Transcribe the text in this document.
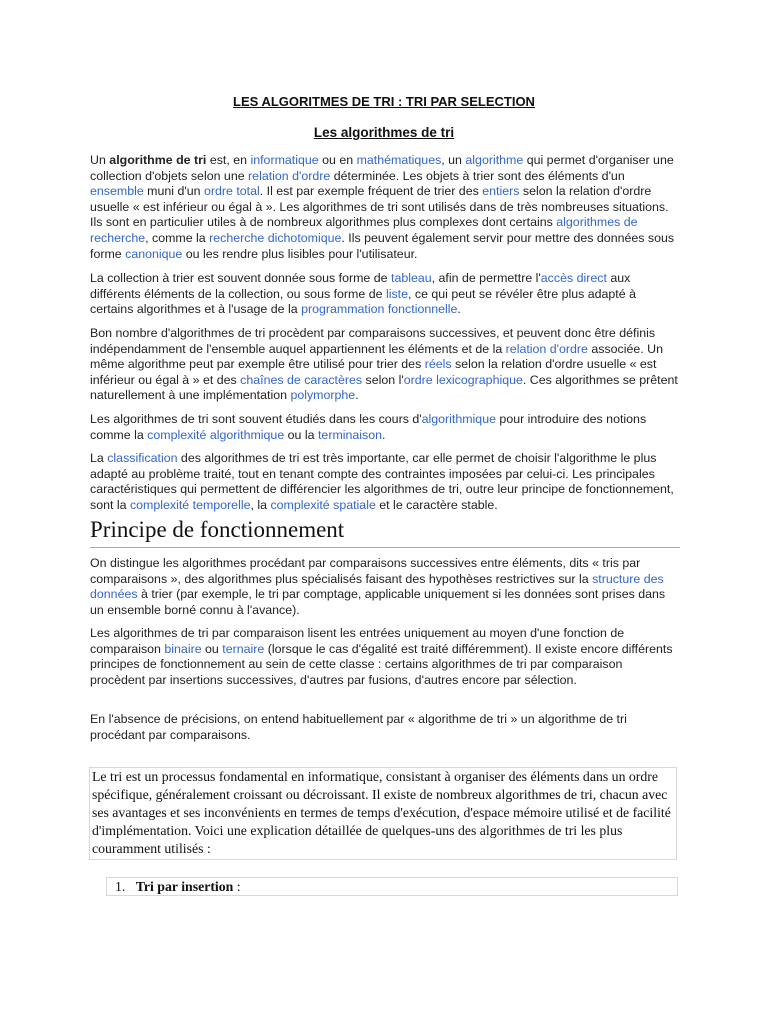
LES ALGORITMES DE TRI : TRI PAR SELECTION
Les algorithmes de tri

Un algorithme de tri est, en informatique ou en mathématiques, un algorithme qui permet d'organiser une collection d'objets selon une relation d'ordre déterminée. Les objets à trier sont des éléments d'un ensemble muni d'un ordre total. Il est par exemple fréquent de trier des entiers selon la relation d'ordre usuelle « est inférieur ou égal à ». Les algorithmes de tri sont utilisés dans de très nombreuses situations. Ils sont en particulier utiles à de nombreux algorithmes plus complexes dont certains algorithmes de recherche, comme la recherche dichotomique. Ils peuvent également servir pour mettre des données sous forme canonique ou les rendre plus lisibles pour l'utilisateur.

La collection à trier est souvent donnée sous forme de tableau, afin de permettre l'accès direct aux différents éléments de la collection, ou sous forme de liste, ce qui peut se révéler être plus adapté à certains algorithmes et à l'usage de la programmation fonctionnelle.

Bon nombre d'algorithmes de tri procèdent par comparaisons successives, et peuvent donc être définis indépendamment de l'ensemble auquel appartiennent les éléments et de la relation d'ordre associée. Un même algorithme peut par exemple être utilisé pour trier des réels selon la relation d'ordre usuelle « est inférieur ou égal à » et des chaînes de caractères selon l'ordre lexicographique. Ces algorithmes se prêtent naturellement à une implémentation polymorphe.

Les algorithmes de tri sont souvent étudiés dans les cours d'algorithmique pour introduire des notions comme la complexité algorithmique ou la terminaison.

La classification des algorithmes de tri est très importante, car elle permet de choisir l'algorithme le plus adapté au problème traité, tout en tenant compte des contraintes imposées par celui-ci. Les principales caractéristiques qui permettent de différencier les algorithmes de tri, outre leur principe de fonctionnement, sont la complexité temporelle, la complexité spatiale et le caractère stable.

Principe de fonctionnement

On distingue les algorithmes procédant par comparaisons successives entre éléments, dits « tris par comparaisons », des algorithmes plus spécialisés faisant des hypothèses restrictives sur la structure des données à trier (par exemple, le tri par comptage, applicable uniquement si les données sont prises dans un ensemble borné connu à l'avance).

Les algorithmes de tri par comparaison lisent les entrées uniquement au moyen d'une fonction de comparaison binaire ou ternaire (lorsque le cas d'égalité est traité différemment). Il existe encore différents principes de fonctionnement au sein de cette classe : certains algorithmes de tri par comparaison procèdent par insertions successives, d'autres par fusions, d'autres encore par sélection.

En l'absence de précisions, on entend habituellement par « algorithme de tri » un algorithme de tri procédant par comparaisons.

Le tri est un processus fondamental en informatique, consistant à organiser des éléments dans un ordre spécifique, généralement croissant ou décroissant. Il existe de nombreux algorithmes de tri, chacun avec ses avantages et ses inconvénients en termes de temps d'exécution, d'espace mémoire utilisé et de facilité d'implémentation. Voici une explication détaillée de quelques-uns des algorithmes de tri les plus couramment utilisés :
1. Tri par insertion :
